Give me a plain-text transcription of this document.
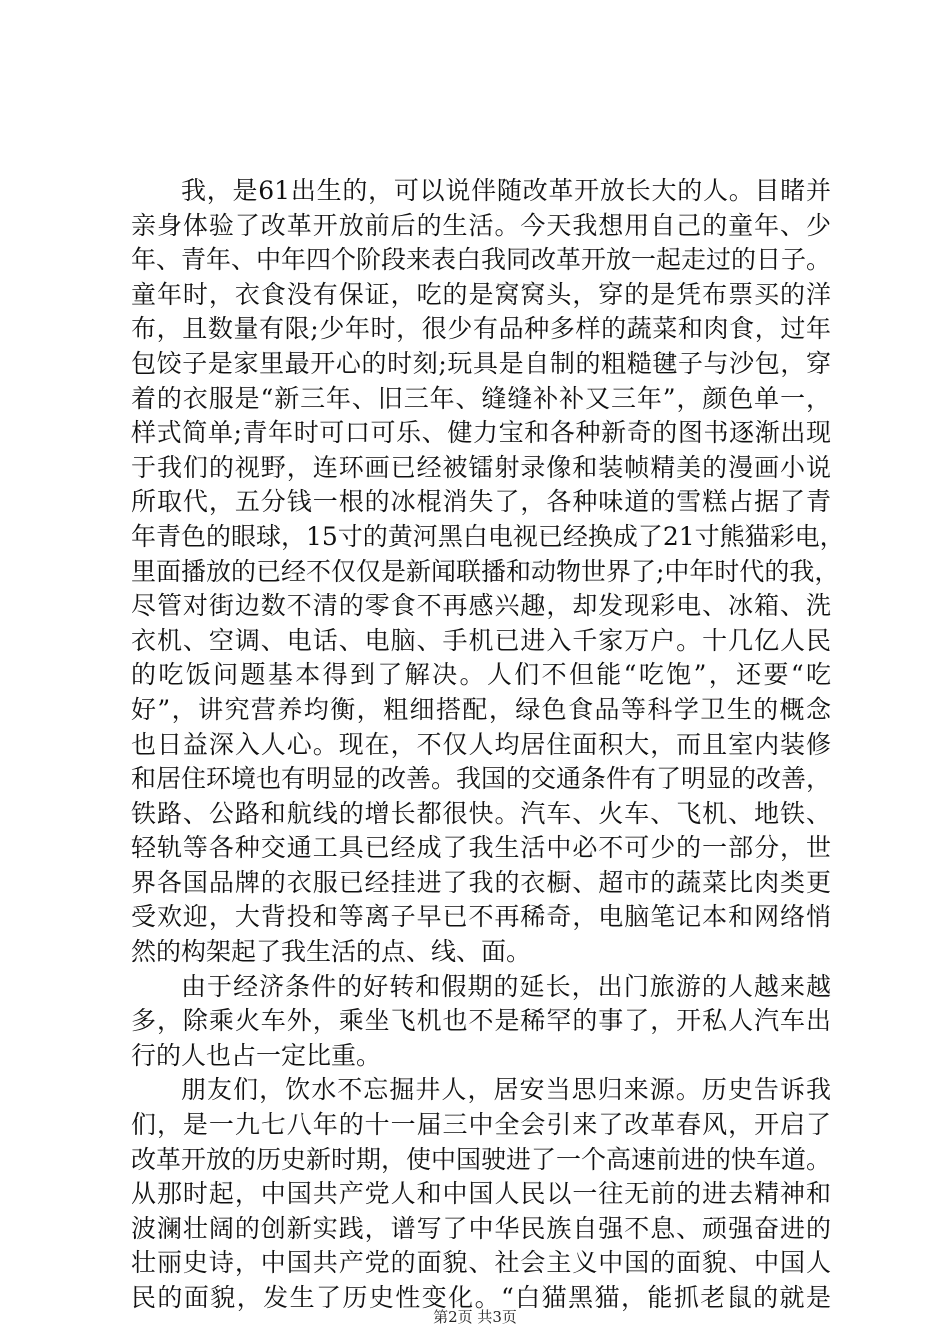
我，是61出生的，可以说伴随改革开放长大的人。目睹并
亲身体验了改革开放前后的生活。今天我想用自己的童年、少
年、青年、中年四个阶段来表白我同改革开放一起走过的日子。
童年时，衣食没有保证，吃的是窝窝头，穿的是凭布票买的洋
布，且数量有限;少年时，很少有品种多样的蔬菜和肉食，过年
包饺子是家里最开心的时刻;玩具是自制的粗糙毽子与沙包，穿
着的衣服是“新三年、旧三年、缝缝补补又三年”，颜色单一，
样式简单;青年时可口可乐、健力宝和各种新奇的图书逐渐出现
于我们的视野，连环画已经被镭射录像和装帧精美的漫画小说
所取代，五分钱一根的冰棍消失了，各种味道的雪糕占据了青
年青色的眼球，15寸的黄河黑白电视已经换成了21寸熊猫彩电，
里面播放的已经不仅仅是新闻联播和动物世界了;中年时代的我，
尽管对街边数不清的零食不再感兴趣，却发现彩电、冰箱、洗
衣机、空调、电话、电脑、手机已进入千家万户。十几亿人民
的吃饭问题基本得到了解决。人们不但能“吃饱”，还要“吃
好”，讲究营养均衡，粗细搭配，绿色食品等科学卫生的概念
也日益深入人心。现在，不仅人均居住面积大，而且室内装修
和居住环境也有明显的改善。我国的交通条件有了明显的改善，
铁路、公路和航线的增长都很快。汽车、火车、飞机、地铁、
轻轨等各种交通工具已经成了我生活中必不可少的一部分，世
界各国品牌的衣服已经挂进了我的衣橱、超市的蔬菜比肉类更
受欢迎，大背投和等离子早已不再稀奇，电脑笔记本和网络悄
然的构架起了我生活的点、线、面。
由于经济条件的好转和假期的延长，出门旅游的人越来越
多，除乘火车外，乘坐飞机也不是稀罕的事了，开私人汽车出
行的人也占一定比重。
朋友们，饮水不忘掘井人，居安当思归来源。历史告诉我
们，是一九七八年的十一届三中全会引来了改革春风，开启了
改革开放的历史新时期，使中国驶进了一个高速前进的快车道。
从那时起，中国共产党人和中国人民以一往无前的进去精神和
波澜壮阔的创新实践，谱写了中华民族自强不息、顽强奋进的
壮丽史诗，中国共产党的面貌、社会主义中国的面貌、中国人
民的面貌，发生了历史性变化。“白猫黑猫，能抓老鼠的就是
第2页 共3页
